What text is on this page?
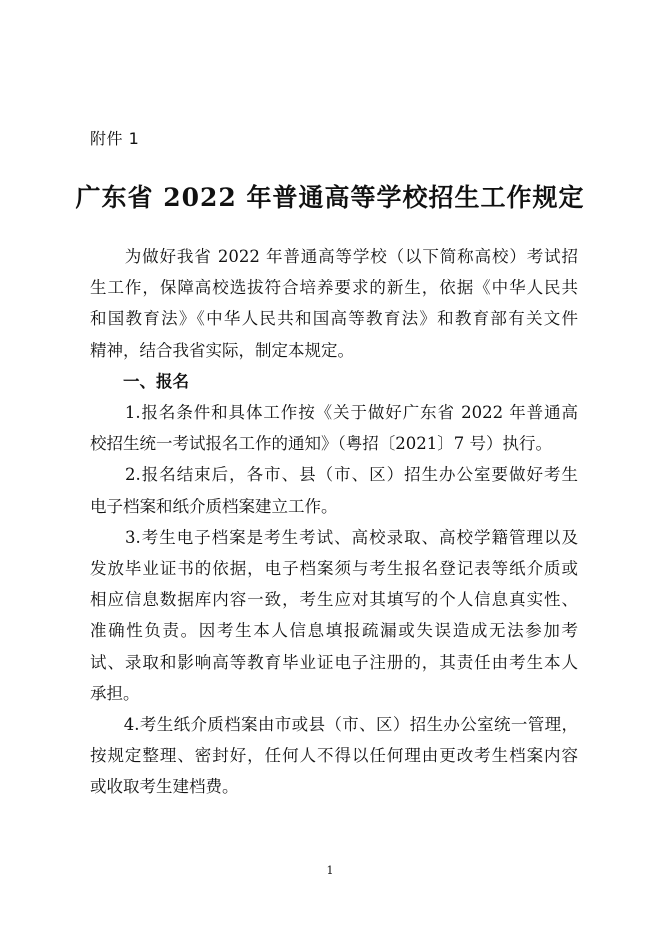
附件 1
广东省 2022 年普通高等学校招生工作规定
　　为做好我省 2022 年普通高等学校（以下简称高校）考试招
生工作，保障高校选拔符合培养要求的新生，依据《中华人民共
和国教育法》《中华人民共和国高等教育法》和教育部有关文件
精神，结合我省实际，制定本规定。
　　一、报名
　　1.报名条件和具体工作按《关于做好广东省 2022 年普通高
校招生统一考试报名工作的通知》（粤招〔2021〕7 号）执行。
　　2.报名结束后，各市、县（市、区）招生办公室要做好考生
电子档案和纸介质档案建立工作。
　　3.考生电子档案是考生考试、高校录取、高校学籍管理以及
发放毕业证书的依据，电子档案须与考生报名登记表等纸介质或
相应信息数据库内容一致，考生应对其填写的个人信息真实性、
准确性负责。因考生本人信息填报疏漏或失误造成无法参加考
试、录取和影响高等教育毕业证电子注册的，其责任由考生本人
承担。
　　4.考生纸介质档案由市或县（市、区）招生办公室统一管理，
按规定整理、密封好，任何人不得以任何理由更改考生档案内容
或收取考生建档费。
1
